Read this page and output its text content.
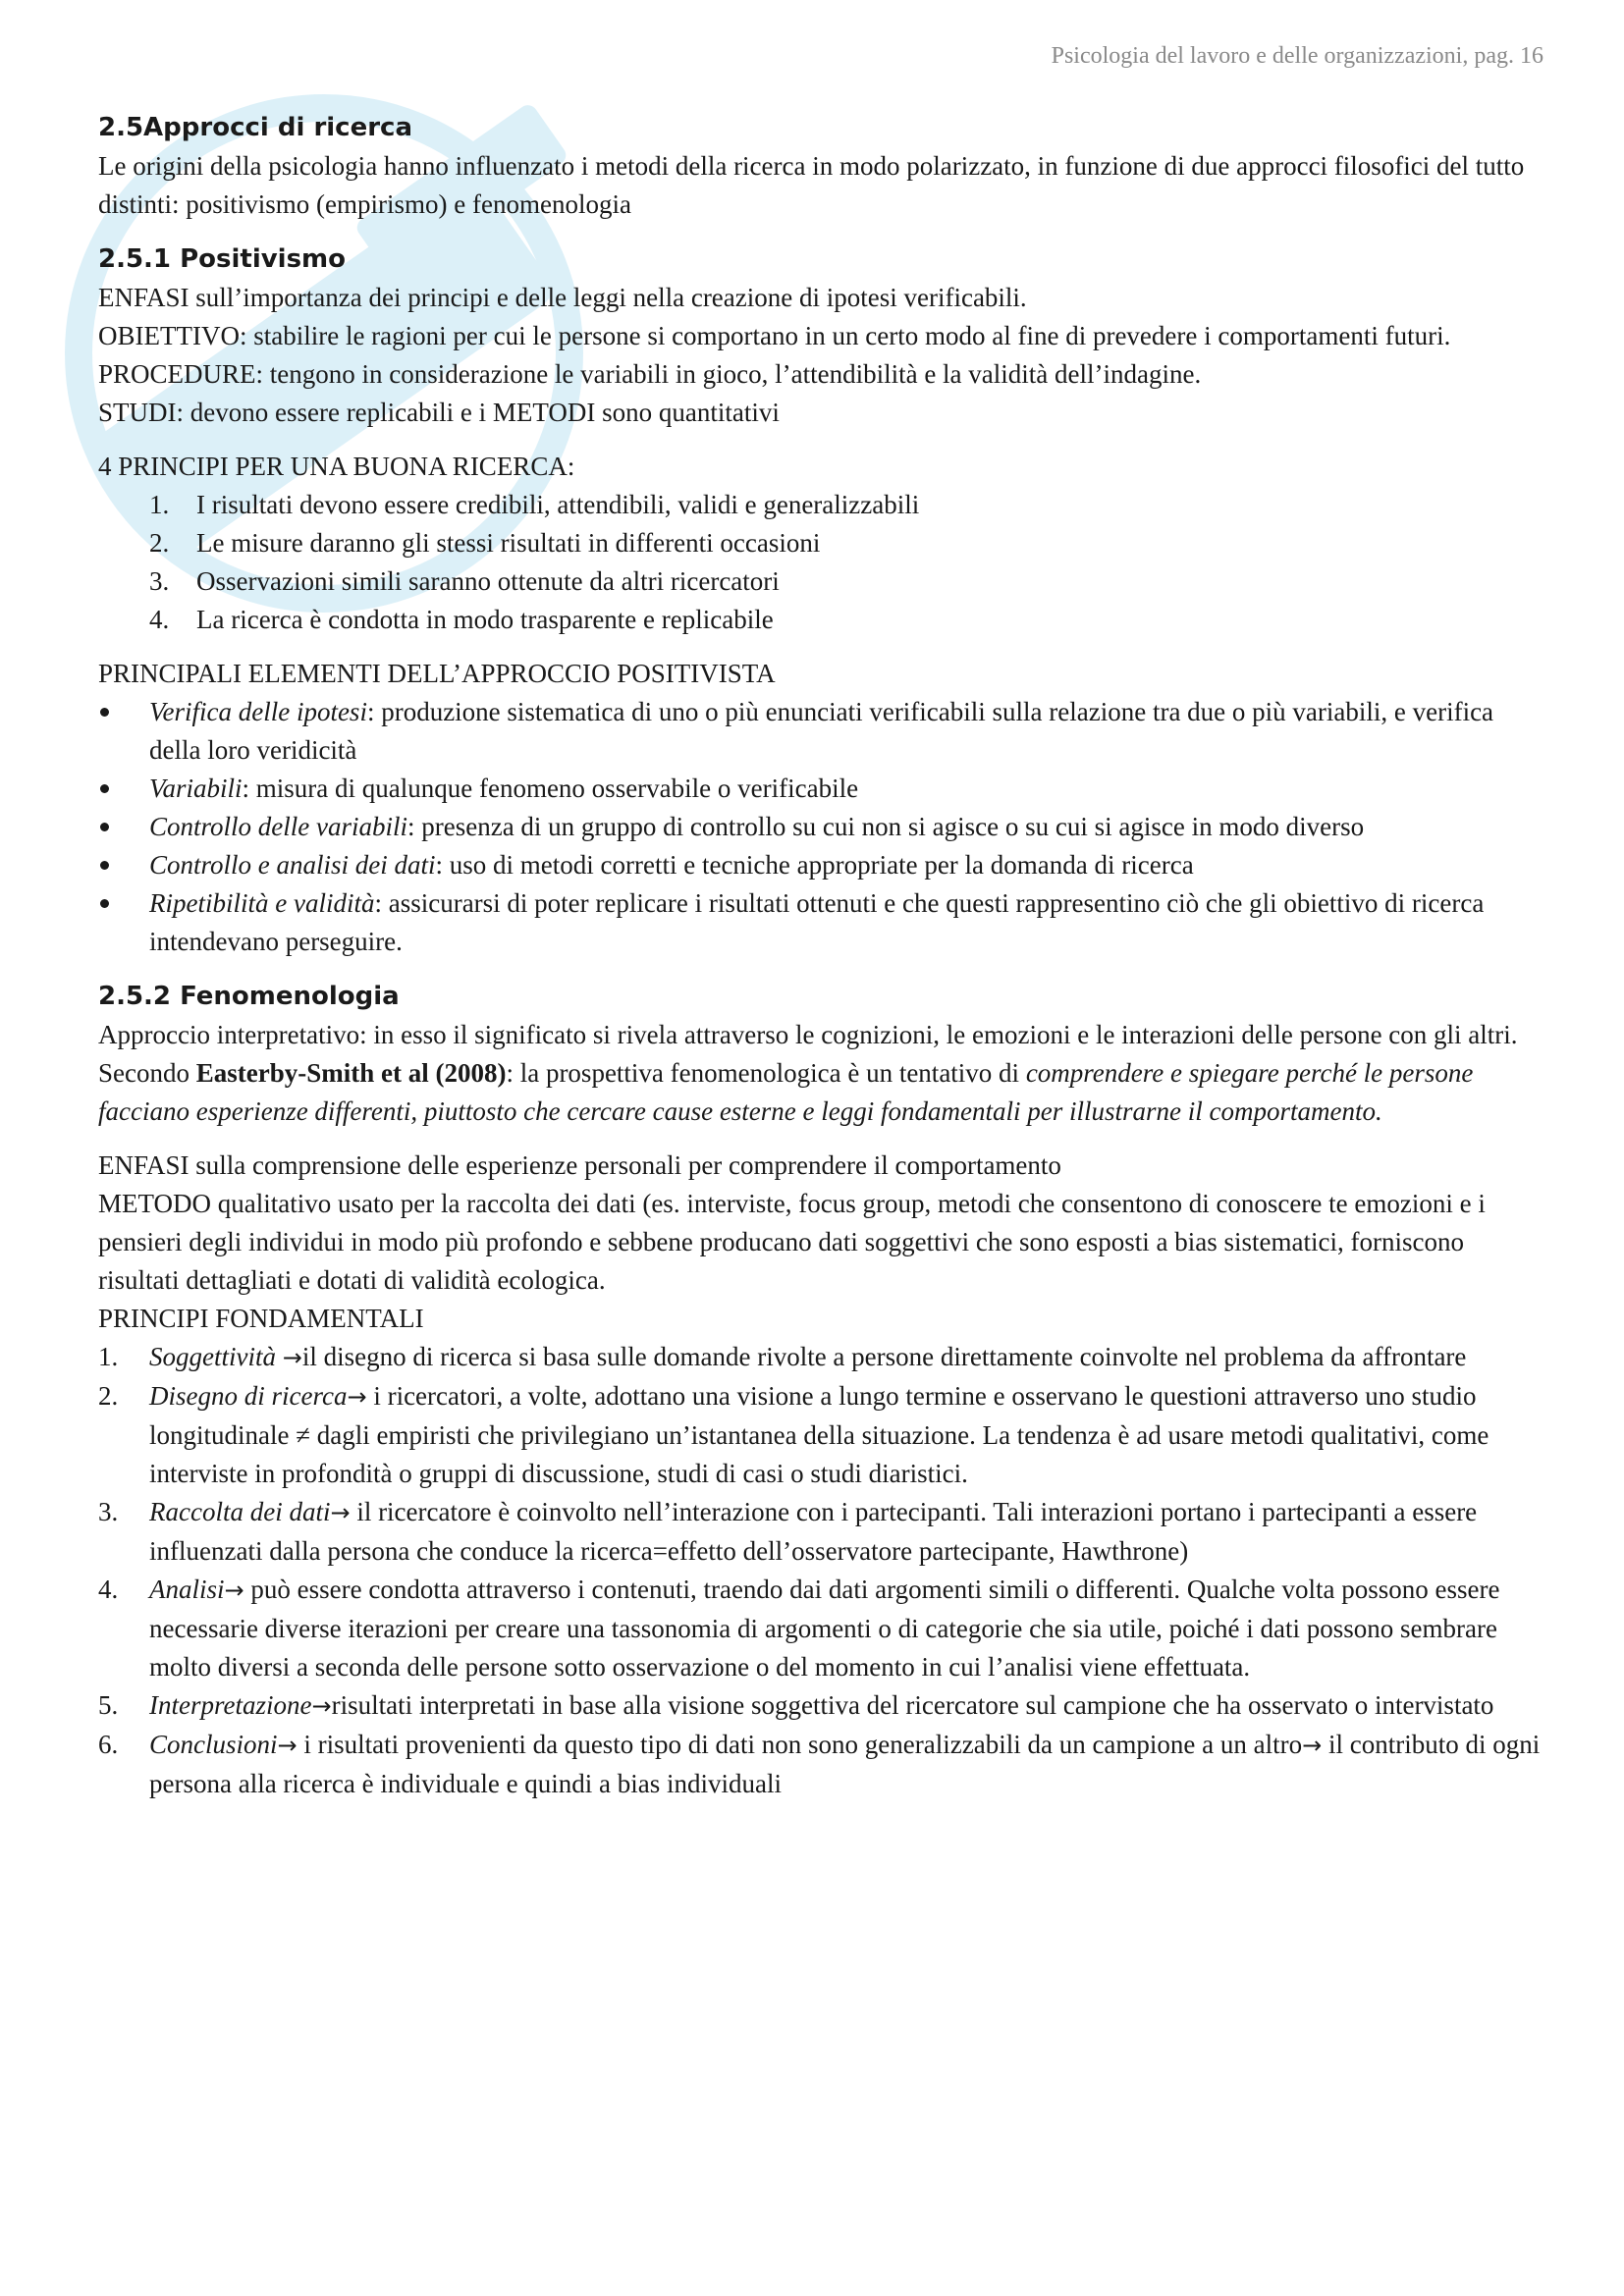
Psicologia del lavoro e delle organizzazioni, pag. 16
2.5Approcci di ricerca

Le origini della psicologia hanno influenzato i metodi della ricerca in modo polarizzato, in funzione di due approcci filosofici del tutto distinti: positivismo (empirismo) e fenomenologia

2.5.1 Positivismo

ENFASI sull’importanza dei principi e delle leggi nella creazione di ipotesi verificabili.

OBIETTIVO: stabilire le ragioni per cui le persone si comportano in un certo modo al fine di prevedere i comportamenti futuri.

PROCEDURE: tengono in considerazione le variabili in gioco, l’attendibilità e la validità dell’indagine.

STUDI: devono essere replicabili e i METODI sono quantitativi

4 PRINCIPI PER UNA BUONA RICERCA:

1. I risultati devono essere credibili, attendibili, validi e generalizzabili
2. Le misure daranno gli stessi risultati in differenti occasioni
3. Osservazioni simili saranno ottenute da altri ricercatori
4. La ricerca è condotta in modo trasparente e replicabile

PRINCIPALI ELEMENTI DELL’APPROCCIO POSITIVISTA

Verifica delle ipotesi: produzione sistematica di uno o più enunciati verificabili sulla relazione tra due o più variabili, e verifica della loro veridicità
Variabili: misura di qualunque fenomeno osservabile o verificabile
Controllo delle variabili: presenza di un gruppo di controllo su cui non si agisce o su cui si agisce in modo diverso
Controllo e analisi dei dati: uso di metodi corretti e tecniche appropriate per la domanda di ricerca
Ripetibilità e validità: assicurarsi di poter replicare i risultati ottenuti e che questi rappresentino ciò che gli obiettivo di ricerca intendevano perseguire.
2.5.2 Fenomenologia

Approccio interpretativo: in esso il significato si rivela attraverso le cognizioni, le emozioni e le interazioni delle persone con gli altri.

Secondo Easterby-Smith et al (2008): la prospettiva fenomenologica è un tentativo di comprendere e spiegare perché le persone facciano esperienze differenti, piuttosto che cercare cause esterne e leggi fondamentali per illustrarne il comportamento.

ENFASI sulla comprensione delle esperienze personali per comprendere il comportamento

METODO qualitativo usato per la raccolta dei dati (es. interviste, focus group, metodi che consentono di conoscere te emozioni e i pensieri degli individui in modo più profondo e sebbene producano dati soggettivi che sono esposti a bias sistematici, forniscono risultati dettagliati e dotati di validità ecologica.

PRINCIPI FONDAMENTALI

1. Soggettività →il disegno di ricerca si basa sulle domande rivolte a persone direttamente coinvolte nel problema da affrontare
2. Disegno di ricerca→ i ricercatori, a volte, adottano una visione a lungo termine e osservano le questioni attraverso uno studio longitudinale ≠ dagli empiristi che privilegiano un’istantanea della situazione. La tendenza è ad usare metodi qualitativi, come interviste in profondità o gruppi di discussione, studi di casi o studi diaristici.
3. Raccolta dei dati→ il ricercatore è coinvolto nell’interazione con i partecipanti. Tali interazioni portano i partecipanti a essere influenzati dalla persona che conduce la ricerca=effetto dell’osservatore partecipante, Hawthrone)
4. Analisi→ può essere condotta attraverso i contenuti, traendo dai dati argomenti simili o differenti. Qualche volta possono essere necessarie diverse iterazioni per creare una tassonomia di argomenti o di categorie che sia utile, poiché i dati possono sembrare molto diversi a seconda delle persone sotto osservazione o del momento in cui l’analisi viene effettuata.
5. Interpretazione→risultati interpretati in base alla visione soggettiva del ricercatore sul campione che ha osservato o intervistato
6. Conclusioni→ i risultati provenienti da questo tipo di dati non sono generalizzabili da un campione a un altro→ il contributo di ogni persona alla ricerca è individuale e quindi a bias individuali
